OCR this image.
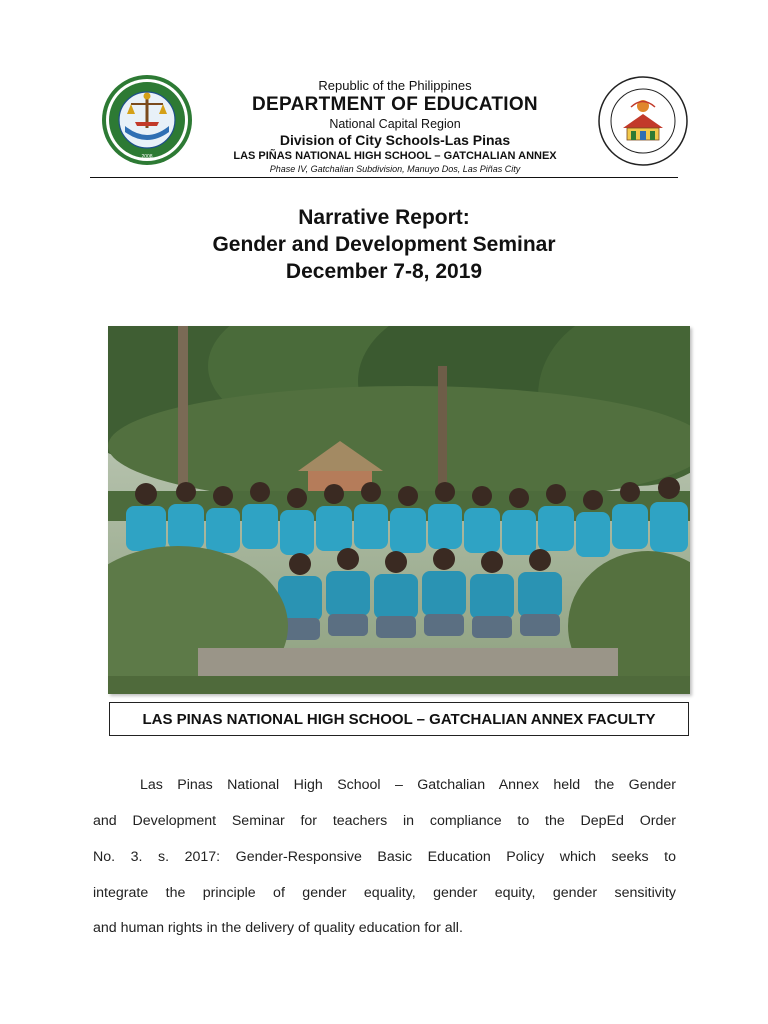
2008
Republic of the Philippines
DEPARTMENT OF EDUCATION
National Capital Region
Division of City Schools-Las Pinas
LAS PIÑAS NATIONAL HIGH SCHOOL – GATCHALIAN ANNEX
Phase IV, Gatchalian Subdivision, Manuyo Dos, Las Piñas City
Narrative Report:
Gender and Development Seminar
December 7-8, 2019
LAS PINAS NATIONAL HIGH SCHOOL – GATCHALIAN ANNEX FACULTY
Las Pinas National High School – Gatchalian Annex held the Gender
and Development Seminar for teachers in compliance to the DepEd Order
No. 3. s. 2017: Gender-Responsive Basic Education Policy which seeks to
integrate the principle of gender equality, gender equity, gender sensitivity
and human rights in the delivery of quality education for all.
